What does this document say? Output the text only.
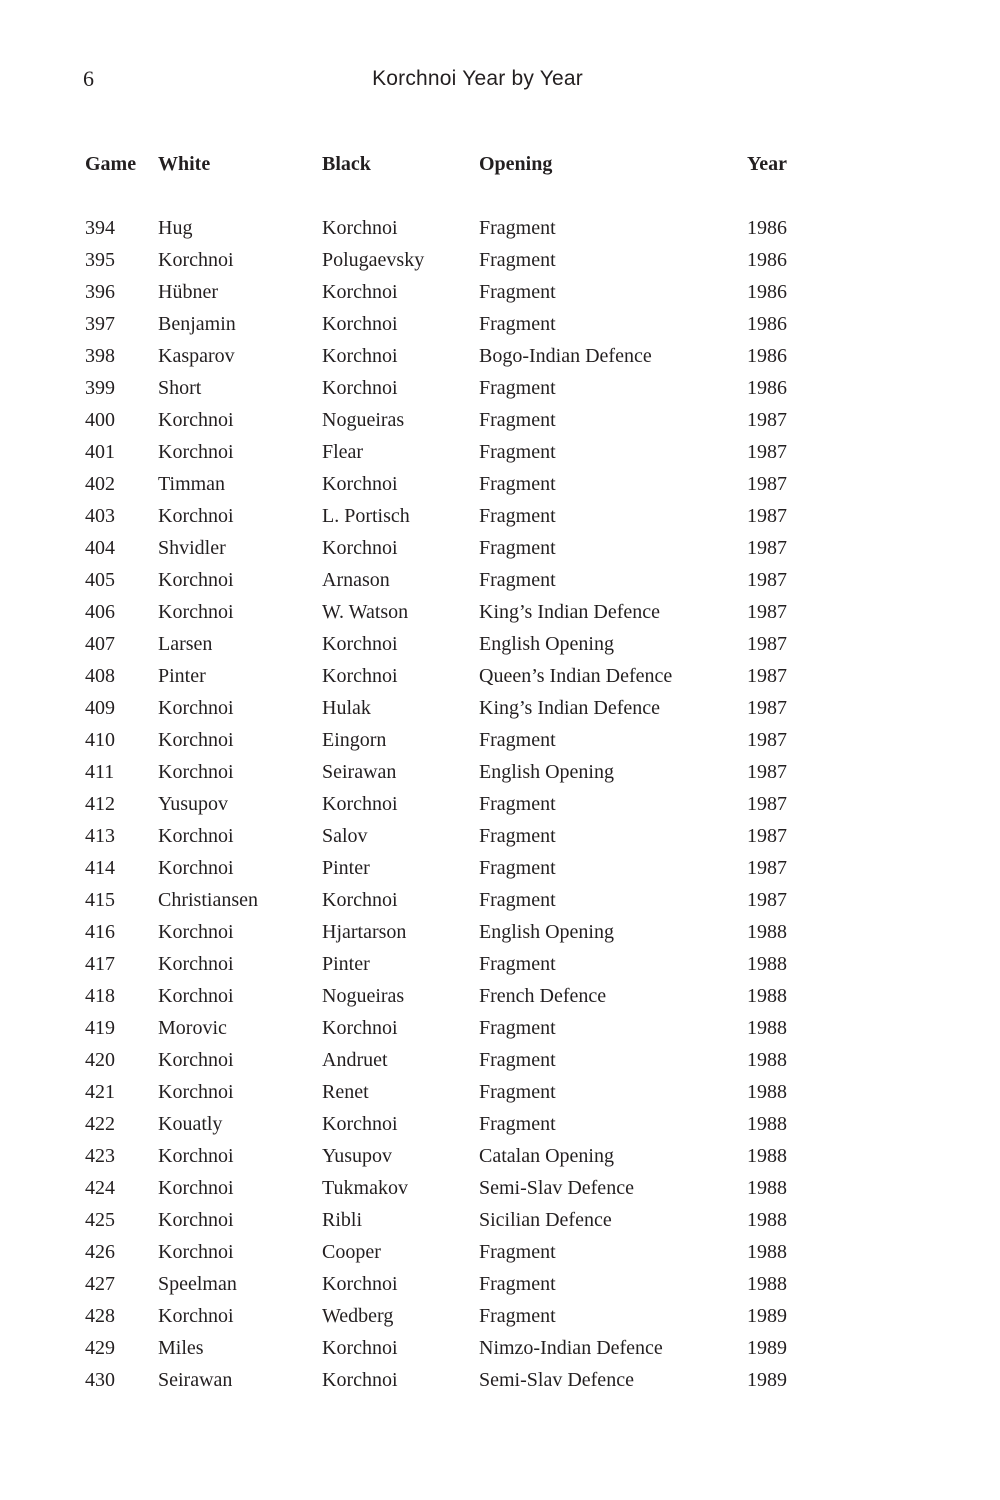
6	Korchnoi Year by Year
Game	White	Black	Opening	Year

394	Hug	Korchnoi	Fragment	1986
395	Korchnoi	Polugaevsky	Fragment	1986
396	Hübner	Korchnoi	Fragment	1986
397	Benjamin	Korchnoi	Fragment	1986
398	Kasparov	Korchnoi	Bogo-Indian Defence	1986
399	Short	Korchnoi	Fragment	1986
400	Korchnoi	Nogueiras	Fragment	1987
401	Korchnoi	Flear	Fragment	1987
402	Timman	Korchnoi	Fragment	1987
403	Korchnoi	L. Portisch	Fragment	1987
404	Shvidler	Korchnoi	Fragment	1987
405	Korchnoi	Arnason	Fragment	1987
406	Korchnoi	W. Watson	King’s Indian Defence	1987
407	Larsen	Korchnoi	English Opening	1987
408	Pinter	Korchnoi	Queen’s Indian Defence	1987
409	Korchnoi	Hulak	King’s Indian Defence	1987
410	Korchnoi	Eingorn	Fragment	1987
411	Korchnoi	Seirawan	English Opening	1987
412	Yusupov	Korchnoi	Fragment	1987
413	Korchnoi	Salov	Fragment	1987
414	Korchnoi	Pinter	Fragment	1987
415	Christiansen	Korchnoi	Fragment	1987
416	Korchnoi	Hjartarson	English Opening	1988
417	Korchnoi	Pinter	Fragment	1988
418	Korchnoi	Nogueiras	French Defence	1988
419	Morovic	Korchnoi	Fragment	1988
420	Korchnoi	Andruet	Fragment	1988
421	Korchnoi	Renet	Fragment	1988
422	Kouatly	Korchnoi	Fragment	1988
423	Korchnoi	Yusupov	Catalan Opening	1988
424	Korchnoi	Tukmakov	Semi-Slav Defence	1988
425	Korchnoi	Ribli	Sicilian Defence	1988
426	Korchnoi	Cooper	Fragment	1988
427	Speelman	Korchnoi	Fragment	1988
428	Korchnoi	Wedberg	Fragment	1989
429	Miles	Korchnoi	Nimzo-Indian Defence	1989
430	Seirawan	Korchnoi	Semi-Slav Defence	1989
